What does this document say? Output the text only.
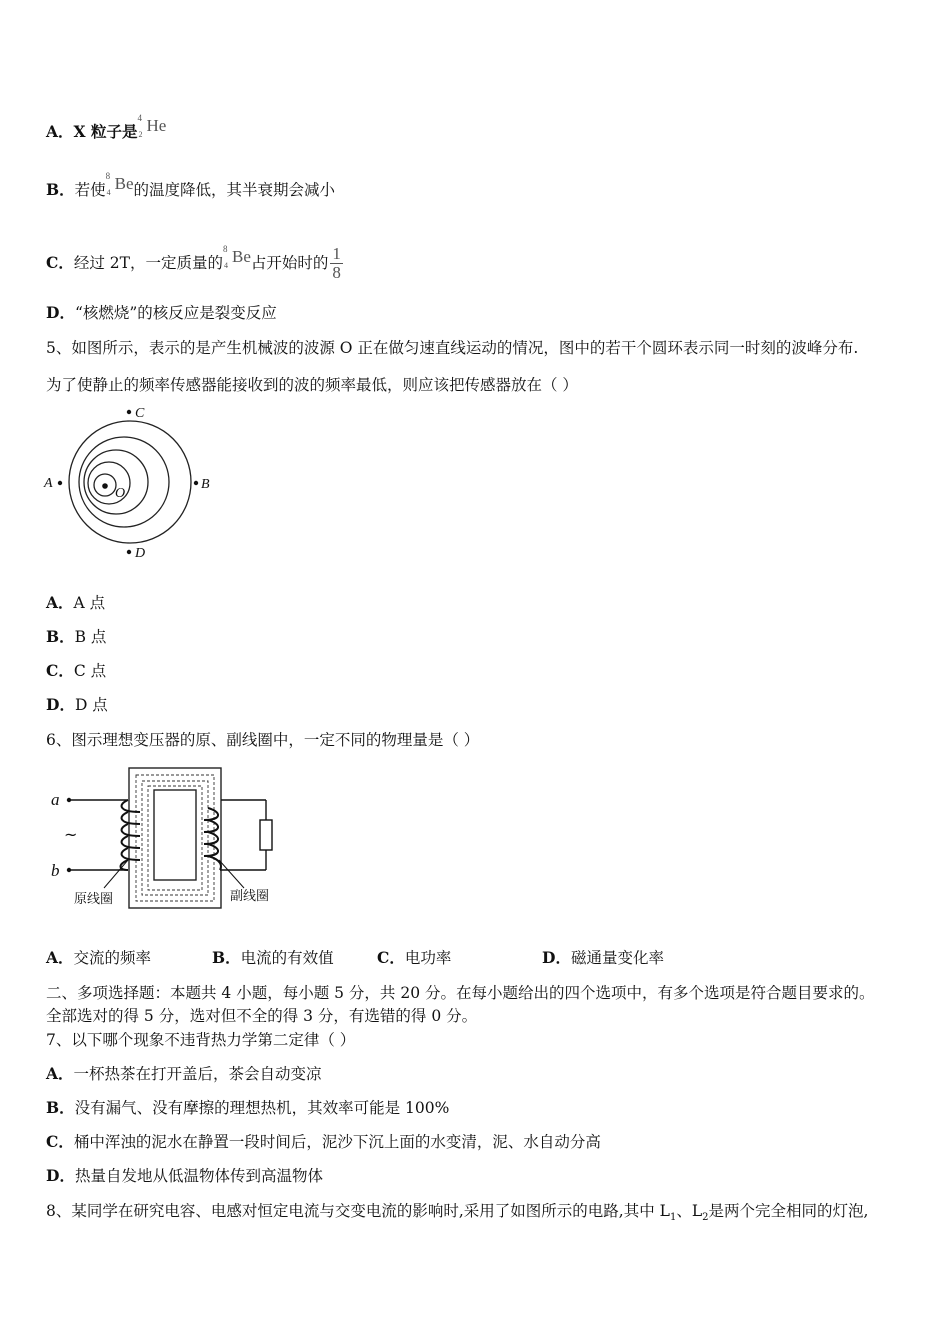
A．X 粒子是
4
2 He
B．若使
8
4 Be的温度降低，其半衰期会减小
C．经过 2T，一定质量的
8
4 Be占开始时的 $\frac{1}{8}$
D．“核燃烧”的核反应是裂变反应
5、如图所示，表示的是产生机械波的波源 O 正在做匀速直线运动的情况，图中的若干个圆环表示同一时刻的波峰分布.
为了使静止的频率传感器能接收到的波的频率最低，则应该把传感器放在（ ）
A	B
C
D
O
A．A 点
B．B 点
C．C 点
D．D 点
6、图示理想变压器的原、副线圈中，一定不同的物理量是（ ）
a
b
~
原线圈	副线圈
A．交流的频率	B．电流的有效值	C．电功率	D．磁通量变化率
二、多项选择题：本题共 4 小题，每小题 5 分，共 20 分。在每小题给出的四个选项中，有多个选项是符合题目要求的。
全部选对的得 5 分，选对但不全的得 3 分，有选错的得 0 分。
7、以下哪个现象不违背热力学第二定律（ ）
A．一杯热茶在打开盖后，茶会自动变凉
B．没有漏气、没有摩擦的理想热机，其效率可能是 100%
C．桶中浑浊的泥水在静置一段时间后，泥沙下沉上面的水变清，泥、水自动分高
D．热量自发地从低温物体传到高温物体
8、某同学在研究电容、电感对恒定电流与交变电流的影响时,采用了如图所示的电路,其中 $L_1$、$L_2$是两个完全相同的灯泡,
